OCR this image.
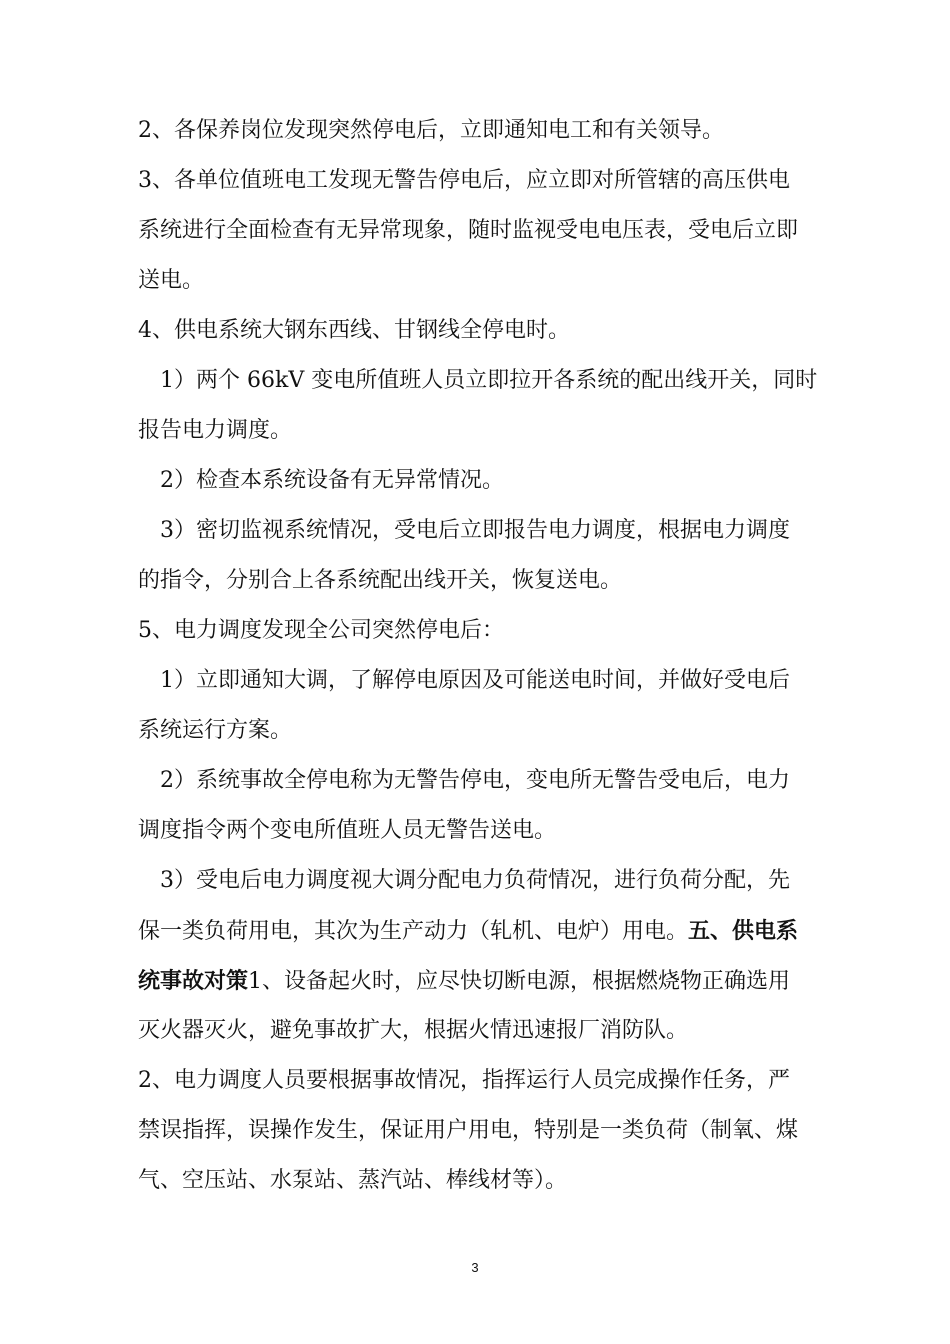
2、各保养岗位发现突然停电后，立即通知电工和有关领导。
3、各单位值班电工发现无警告停电后，应立即对所管辖的高压供电
系统进行全面检查有无异常现象，随时监视受电电压表，受电后立即
送电。
4、供电系统大钢东西线、甘钢线全停电时。
1）两个 66kV 变电所值班人员立即拉开各系统的配出线开关，同时
报告电力调度。
2）检查本系统设备有无异常情况。
3）密切监视系统情况，受电后立即报告电力调度，根据电力调度
的指令，分别合上各系统配出线开关，恢复送电。
5、电力调度发现全公司突然停电后：
1）立即通知大调，了解停电原因及可能送电时间，并做好受电后
系统运行方案。
2）系统事故全停电称为无警告停电，变电所无警告受电后，电力
调度指令两个变电所值班人员无警告送电。
3）受电后电力调度视大调分配电力负荷情况，进行负荷分配，先
保一类负荷用电，其次为生产动力（轧机、电炉）用电。五、供电系
统事故对策1、设备起火时，应尽快切断电源，根据燃烧物正确选用
灭火器灭火，避免事故扩大，根据火情迅速报厂消防队。
2、电力调度人员要根据事故情况，指挥运行人员完成操作任务，严
禁误指挥，误操作发生，保证用户用电，特别是一类负荷（制氧、煤
气、空压站、水泵站、蒸汽站、棒线材等）。
3
